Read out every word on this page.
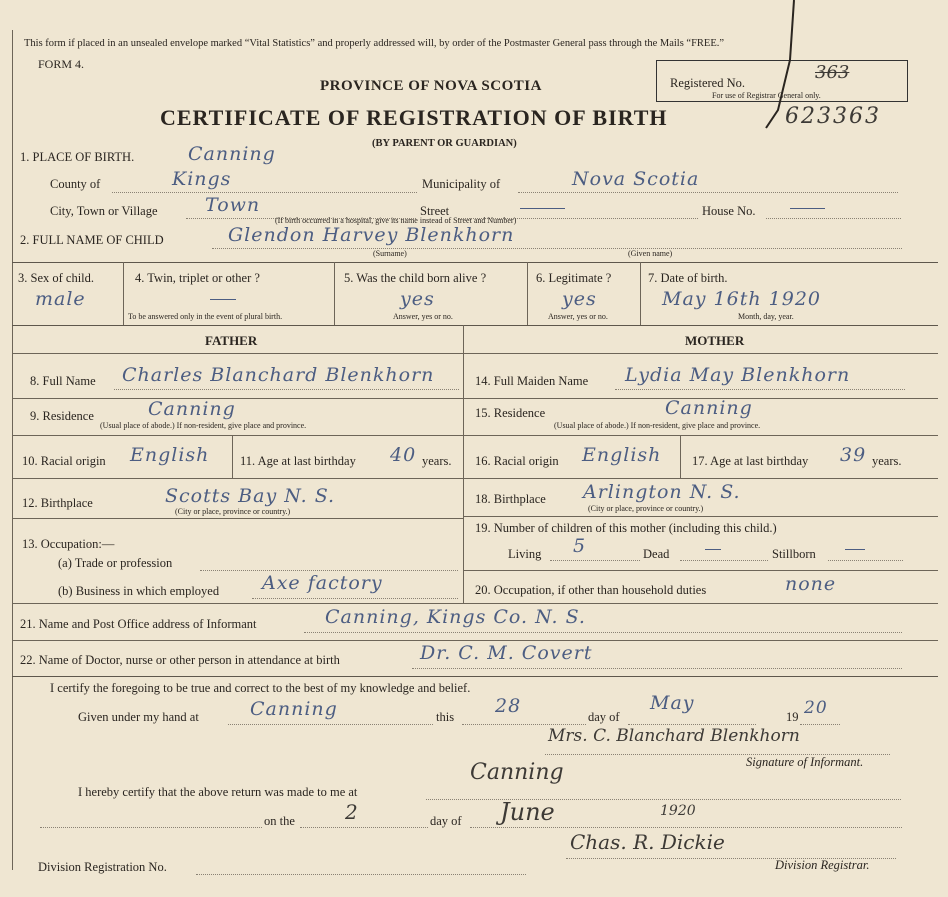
This form if placed in an unsealed envelope marked “Vital Statistics” and properly addressed will, by order of the Postmaster General pass through the Mails “FREE.”
FORM 4.
PROVINCE OF NOVA SCOTIA
CERTIFICATE OF REGISTRATION OF BIRTH
(BY PARENT OR GUARDIAN)
Registered No.
For use of Registrar General only.
363
623363
1. PLACE OF BIRTH.	Canning
County of	Kings	Municipality of	Nova Scotia
City, Town or Village Town	Street	House No.
(If birth occurred in a hospital, give its name instead of Street and Number)
2. FULL NAME OF CHILD	Glendon Harvey Blenkhorn
(Surname)	(Given name)
3. Sex of child.
male
4. Twin, triplet or other ?
To be answered only in the event of plural birth.
5. Was the child born alive ?
yes
Answer, yes or no.
6. Legitimate ?
yes
Answer, yes or no.
7. Date of birth.
May 16th 1920
Month, day, year.
FATHER	MOTHER
8. Full Name Charles Blanchard Blenkhorn
9. Residence	Canning
(Usual place of abode.) If non-resident, give place and province.
10. Racial origin English 11. Age at last birthday 40 years.
12. Birthplace	Scotts Bay N. S.
(City or place, province or country.)
13. Occupation:—
(a) Trade or profession
(b) Business in which employed Axe factory
14. Full Maiden Name Lydia May Blenkhorn
15. Residence	Canning
(Usual place of abode.) If non-resident, give place and province.
16. Racial origin English 17. Age at last birthday 39 years.
18. Birthplace Arlington N. S.
(City or place, province or country.)
19. Number of children of this mother (including this child.)
Living 5	Dead	Stillborn
20. Occupation, if other than household duties	none
21. Name and Post Office address of Informant	Canning, Kings Co. N. S.
22. Name of Doctor, nurse or other person in attendance at birth	Dr. C. M. Covert
I certify the foregoing to be true and correct to the best of my knowledge and belief.
Given under my hand at	Canning	this 28	day of
May
19 20
Mrs. C. Blanchard Blenkhorn
Signature of Informant.
Canning
I hereby certify that the above return was made to me at
on the	2	day of June	1920
Chas. R. Dickie
Division Registrar.
Division Registration No.
